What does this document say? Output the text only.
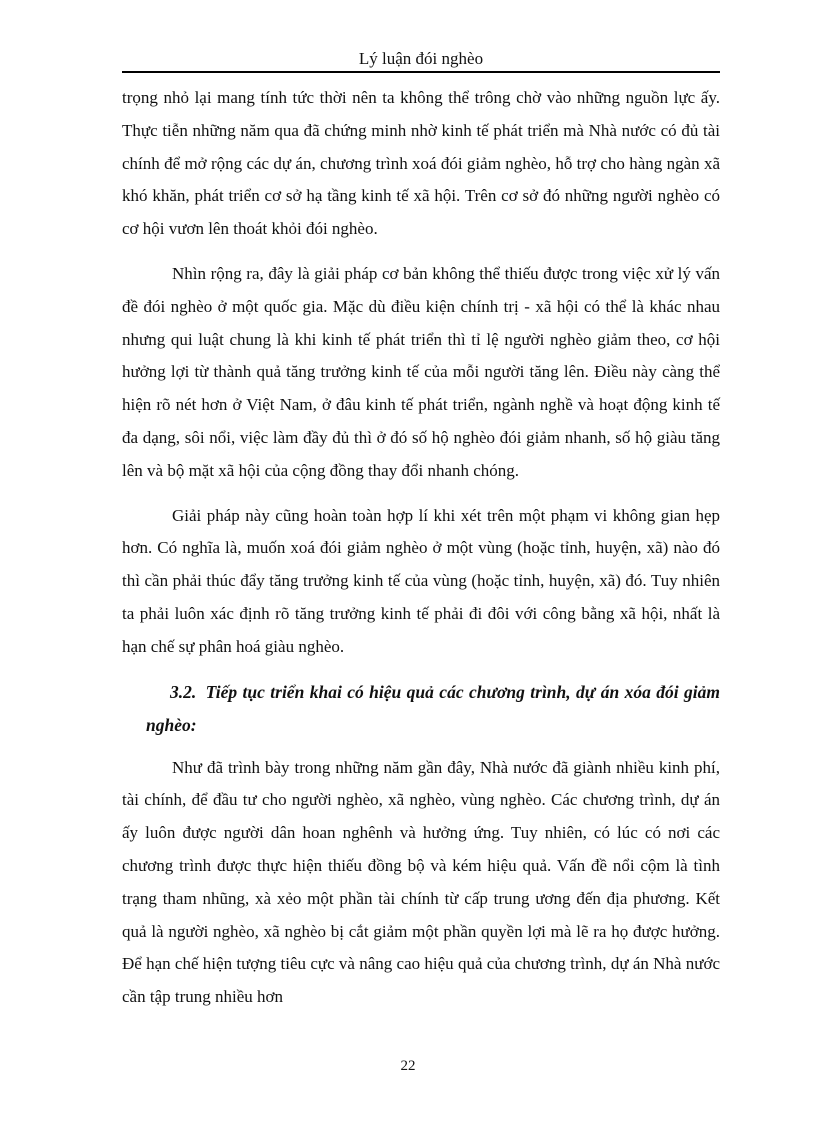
Lý luận đói nghèo

trọng nhỏ lại mang tính tức thời nên ta không thể trông chờ vào những nguồn lực ấy. Thực tiễn những năm qua đã chứng minh nhờ kinh tế phát triển mà Nhà nước có đủ tài chính để mở rộng các dự án, chương trình xoá đói giảm nghèo, hỗ trợ cho hàng ngàn xã khó khăn, phát triển cơ sở hạ tầng kinh tế xã hội. Trên cơ sở đó những người nghèo có cơ hội vươn lên thoát khỏi đói nghèo.

Nhìn rộng ra, đây là giải pháp cơ bản không thể thiếu được trong việc xử lý vấn đề đói nghèo ở một quốc gia. Mặc dù điều kiện chính trị - xã hội có thể là khác nhau nhưng qui luật chung là khi kinh tế phát triển thì tỉ lệ người nghèo giảm theo, cơ hội hưởng lợi từ thành quả tăng trưởng kinh tế của mỗi người tăng lên. Điều này càng thể hiện rõ nét hơn ở Việt Nam, ở đâu kinh tế phát triển, ngành nghề và hoạt động kinh tế đa dạng, sôi nổi, việc làm đầy đủ thì ở đó số hộ nghèo đói giảm nhanh, số hộ giàu tăng lên và bộ mặt xã hội của cộng đồng thay đổi nhanh chóng.

Giải pháp này cũng hoàn toàn hợp lí khi xét trên một phạm vi không gian hẹp hơn. Có nghĩa là, muốn xoá đói giảm nghèo ở một vùng (hoặc tỉnh, huyện, xã) nào đó thì cần phải thúc đẩy tăng trưởng kinh tế của vùng (hoặc tỉnh, huyện, xã) đó. Tuy nhiên ta phải luôn xác định rõ tăng trưởng kinh tế phải đi đôi với công bằng xã hội, nhất là hạn chế sự phân hoá giàu nghèo.

3.2. Tiếp tục triển khai có hiệu quả các chương trình, dự án xóa đói giảm nghèo:

Như đã trình bày trong những năm gần đây, Nhà nước đã giành nhiều kinh phí, tài chính, để đầu tư cho người nghèo, xã nghèo, vùng nghèo. Các chương trình, dự án ấy luôn được người dân hoan nghênh và hưởng ứng. Tuy nhiên, có lúc có nơi các chương trình được thực hiện thiếu đồng bộ và kém hiệu quả. Vấn đề nổi cộm là tình trạng tham nhũng, xà xẻo một phần tài chính từ cấp trung ương đến địa phương. Kết quả là người nghèo, xã nghèo bị cắt giảm một phần quyền lợi mà lẽ ra họ được hưởng. Để hạn chế hiện tượng tiêu cực và nâng cao hiệu quả của chương trình, dự án Nhà nước cần tập trung nhiều hơn

22
